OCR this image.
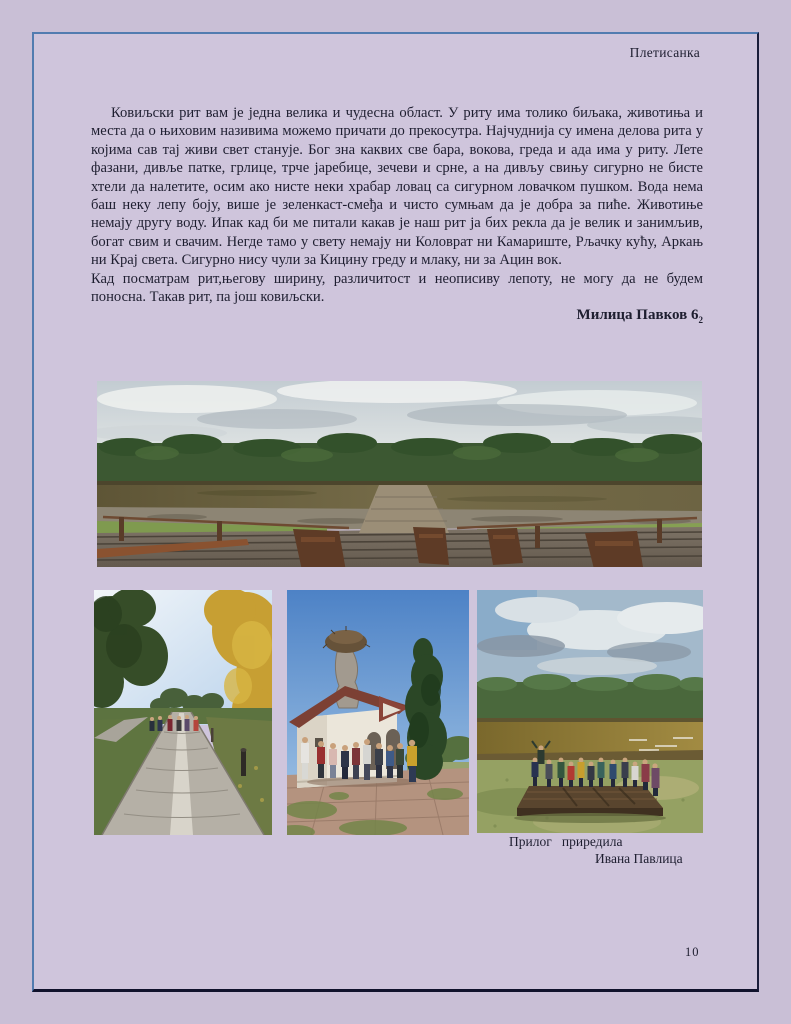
Плетисанка

Ковиљски рит вам је једна велика и чудесна област. У риту има толико биљака, животиња и места да о њиховим називима можемо причати до прекосутра. Најчуднија су имена делова рита у којима сав тај живи свет станује. Бог зна каквих све бара, вокова, греда и ада има у риту. Лете фазани, дивље патке, грлице, трче јаребице, зечеви и срне, а на дивљу свињу сигурно не бисте хтели да налетите, осим ако нисте неки храбар ловац са сигурном ловачком пушком. Вода нема баш неку лепу боју, више је зеленкаст-смеђа и чисто сумњам да је добра за пиће. Животиње немају другу воду. Ипак кад би ме питали какав је наш рит ја бих рекла да је велик и занимљив, богат свим и свачим. Негде тамо у свету немају ни Коловрат ни Камариште, Рљачку кућу, Аркањ ни Крај света. Сигурно нису чули за Кицину греду и млаку, ни за Ацин вок.

Кад посматрам рит,његову ширину, различитост и неописиву лепоту, не могу да не будем поносна. Такав рит, па још ковиљски.

Милица Павков $6_2$

Прилог   приредила
Ивана Павлица
10
